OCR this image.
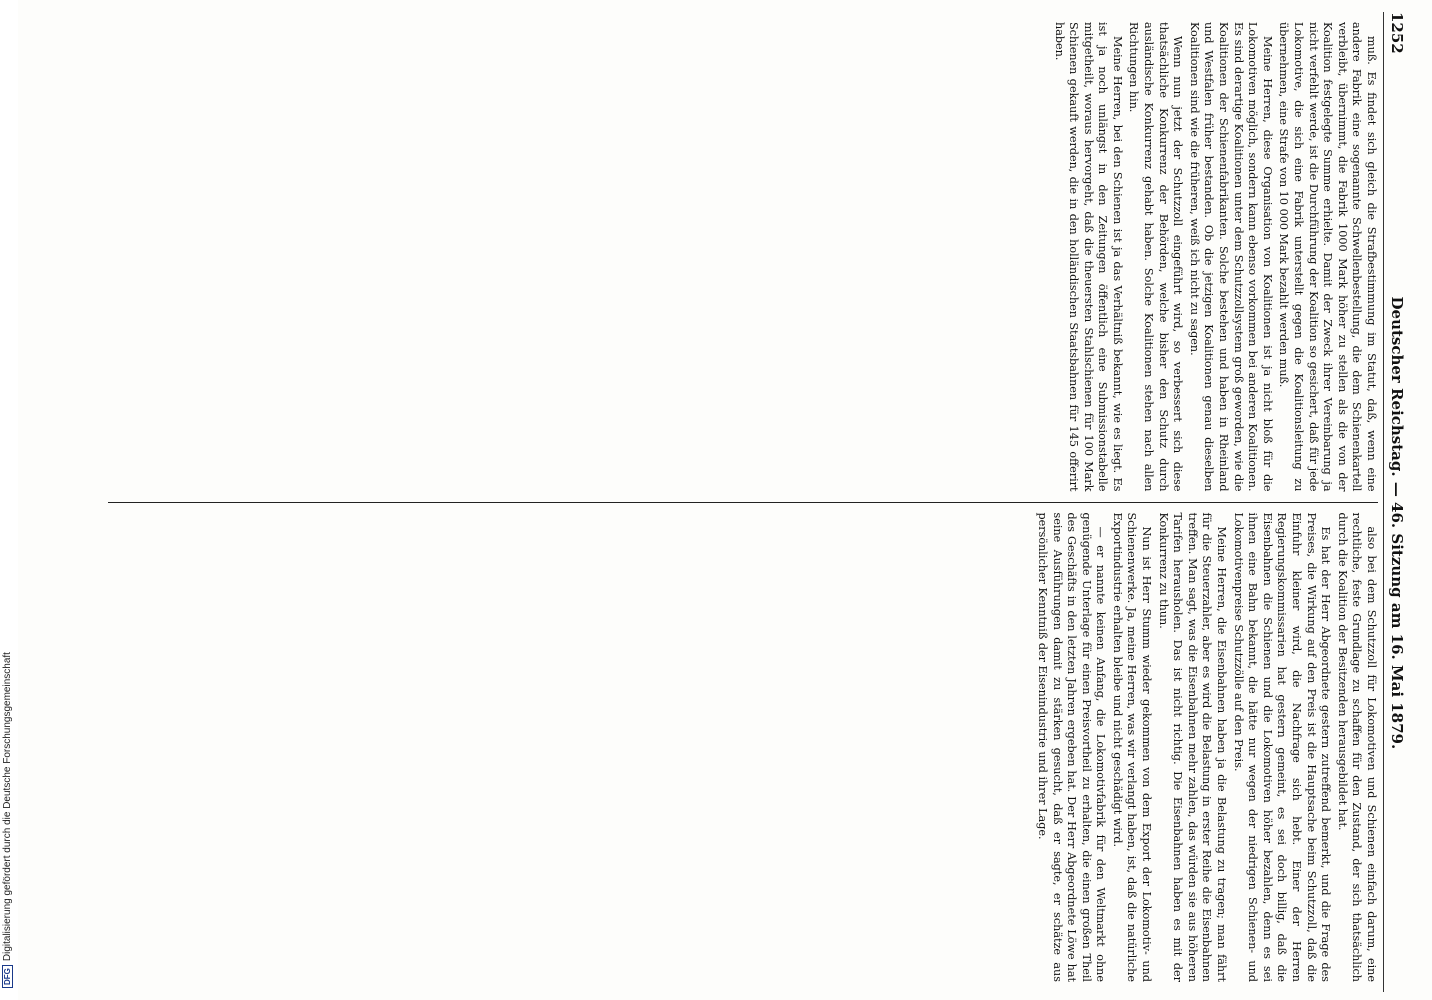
DFGDigitalisierung gefördert durch die Deutsche Forschungsgemeinschaft
1252
Deutscher Reichstag. — 46. Sitzung am 16. Mai 1879.

muß. Es findet sich gleich die Strafbestimmung im Statut, daß, wenn eine andere Fabrik eine sogenannte Schwellenbestellung, die dem Schienenkartell verbleibt, übernimmt, die Fabrik 1000 Mark höher zu stellen als die von der Koalition festgelegte Summe erhielte. Damit der Zweck ihrer Vereinbarung ja nicht verfehlt werde, ist die Durchführung der Koalition so gesichert, daß für jede Lokomotive, die sich eine Fabrik unterstellt gegen die Koalitionsleitung zu übernehmen, eine Strafe von 10 000 Mark bezahlt werden muß.

Meine Herren, diese Organisation von Koalitionen ist ja nicht bloß für die Lokomotiven möglich, sondern kann ebenso vorkommen bei anderen Koalitionen. Es sind derartige Koalitionen unter dem Schutzzollsystem groß geworden, wie die Koalitionen der Schienenfabrikanten. Solche bestehen und haben in Rheinland und Westfalen früher bestanden. Ob die jetzigen Koalitionen genau dieselben Koalitionen sind wie die früheren, weiß ich nicht zu sagen.

Wenn nun jetzt der Schutzzoll eingeführt wird, so verbessert sich diese thatsächliche Konkurrenz der Behörden, welche bisher den Schutz durch ausländische Konkurrenz gehabt haben. Solche Koalitionen stehen nach allen Richtungen hin.

Meine Herren, bei den Schienen ist ja das Verhältniß bekannt, wie es liegt. Es ist ja noch unlängst in den Zeitungen öffentlich eine Submissionstabelle mitgetheilt, woraus hervorgeht, daß die theuersten Stahlschienen für 100 Mark Schienen gekauft werden, die in den holländischen Staatsbahnen für 145 offerirt haben.

also bei dem Schutzzoll für Lokomotiven und Schienen einfach darum, eine rechtliche, feste Grundlage zu schaffen für den Zustand, der sich thatsächlich durch die Koalition der Besitzenden herausgebildet hat.

Es hat der Herr Abgeordnete gestern zutreffend bemerkt, und die Frage des Preises, die Wirkung auf den Preis ist die Hauptsache beim Schutzzoll, daß die Einfuhr kleiner wird, die Nachfrage sich hebt. Einer der Herren Regierungskommissarien hat gestern gemeint, es sei doch billig, daß die Eisenbahnen die Schienen und die Lokomotiven höher bezahlen, denn es sei ihnen eine Bahn bekannt, die hätte nur wegen der niedrigen Schienen- und Lokomotivenpreise Schutzzölle auf den Preis.

Meine Herren, die Eisenbahnen haben ja die Belastung zu tragen; man fährt für die Steuerzahler, aber es wird die Belastung in erster Reihe die Eisenbahnen treffen. Man sagt, was die Eisenbahnen mehr zahlen, das würden sie aus höheren Tarifen herausholen. Das ist nicht richtig. Die Eisenbahnen haben es mit der Konkurrenz zu thun.

Nun ist Herr Stumm wieder gekommen von dem Export der Lokomotiv- und Schienenwerke. Ja, meine Herren, was wir verlangt haben, ist, daß die natürliche Exportindustrie erhalten bleibe und nicht geschädigt wird.

— er nannte keinen Anfang, die Lokomotivfabrik für den Weltmarkt ohne genügende Unterlage für einen Preisvortheil zu erhalten, die einen großen Theil des Geschäfts in den letzten Jahren ergeben hat. Der Herr Abgeordnete Löwe hat seine Ausführungen damit zu stärken gesucht, daß er sagte, er schätze aus persönlicher Kenntniß der Eisenindustrie und ihrer Lage.
